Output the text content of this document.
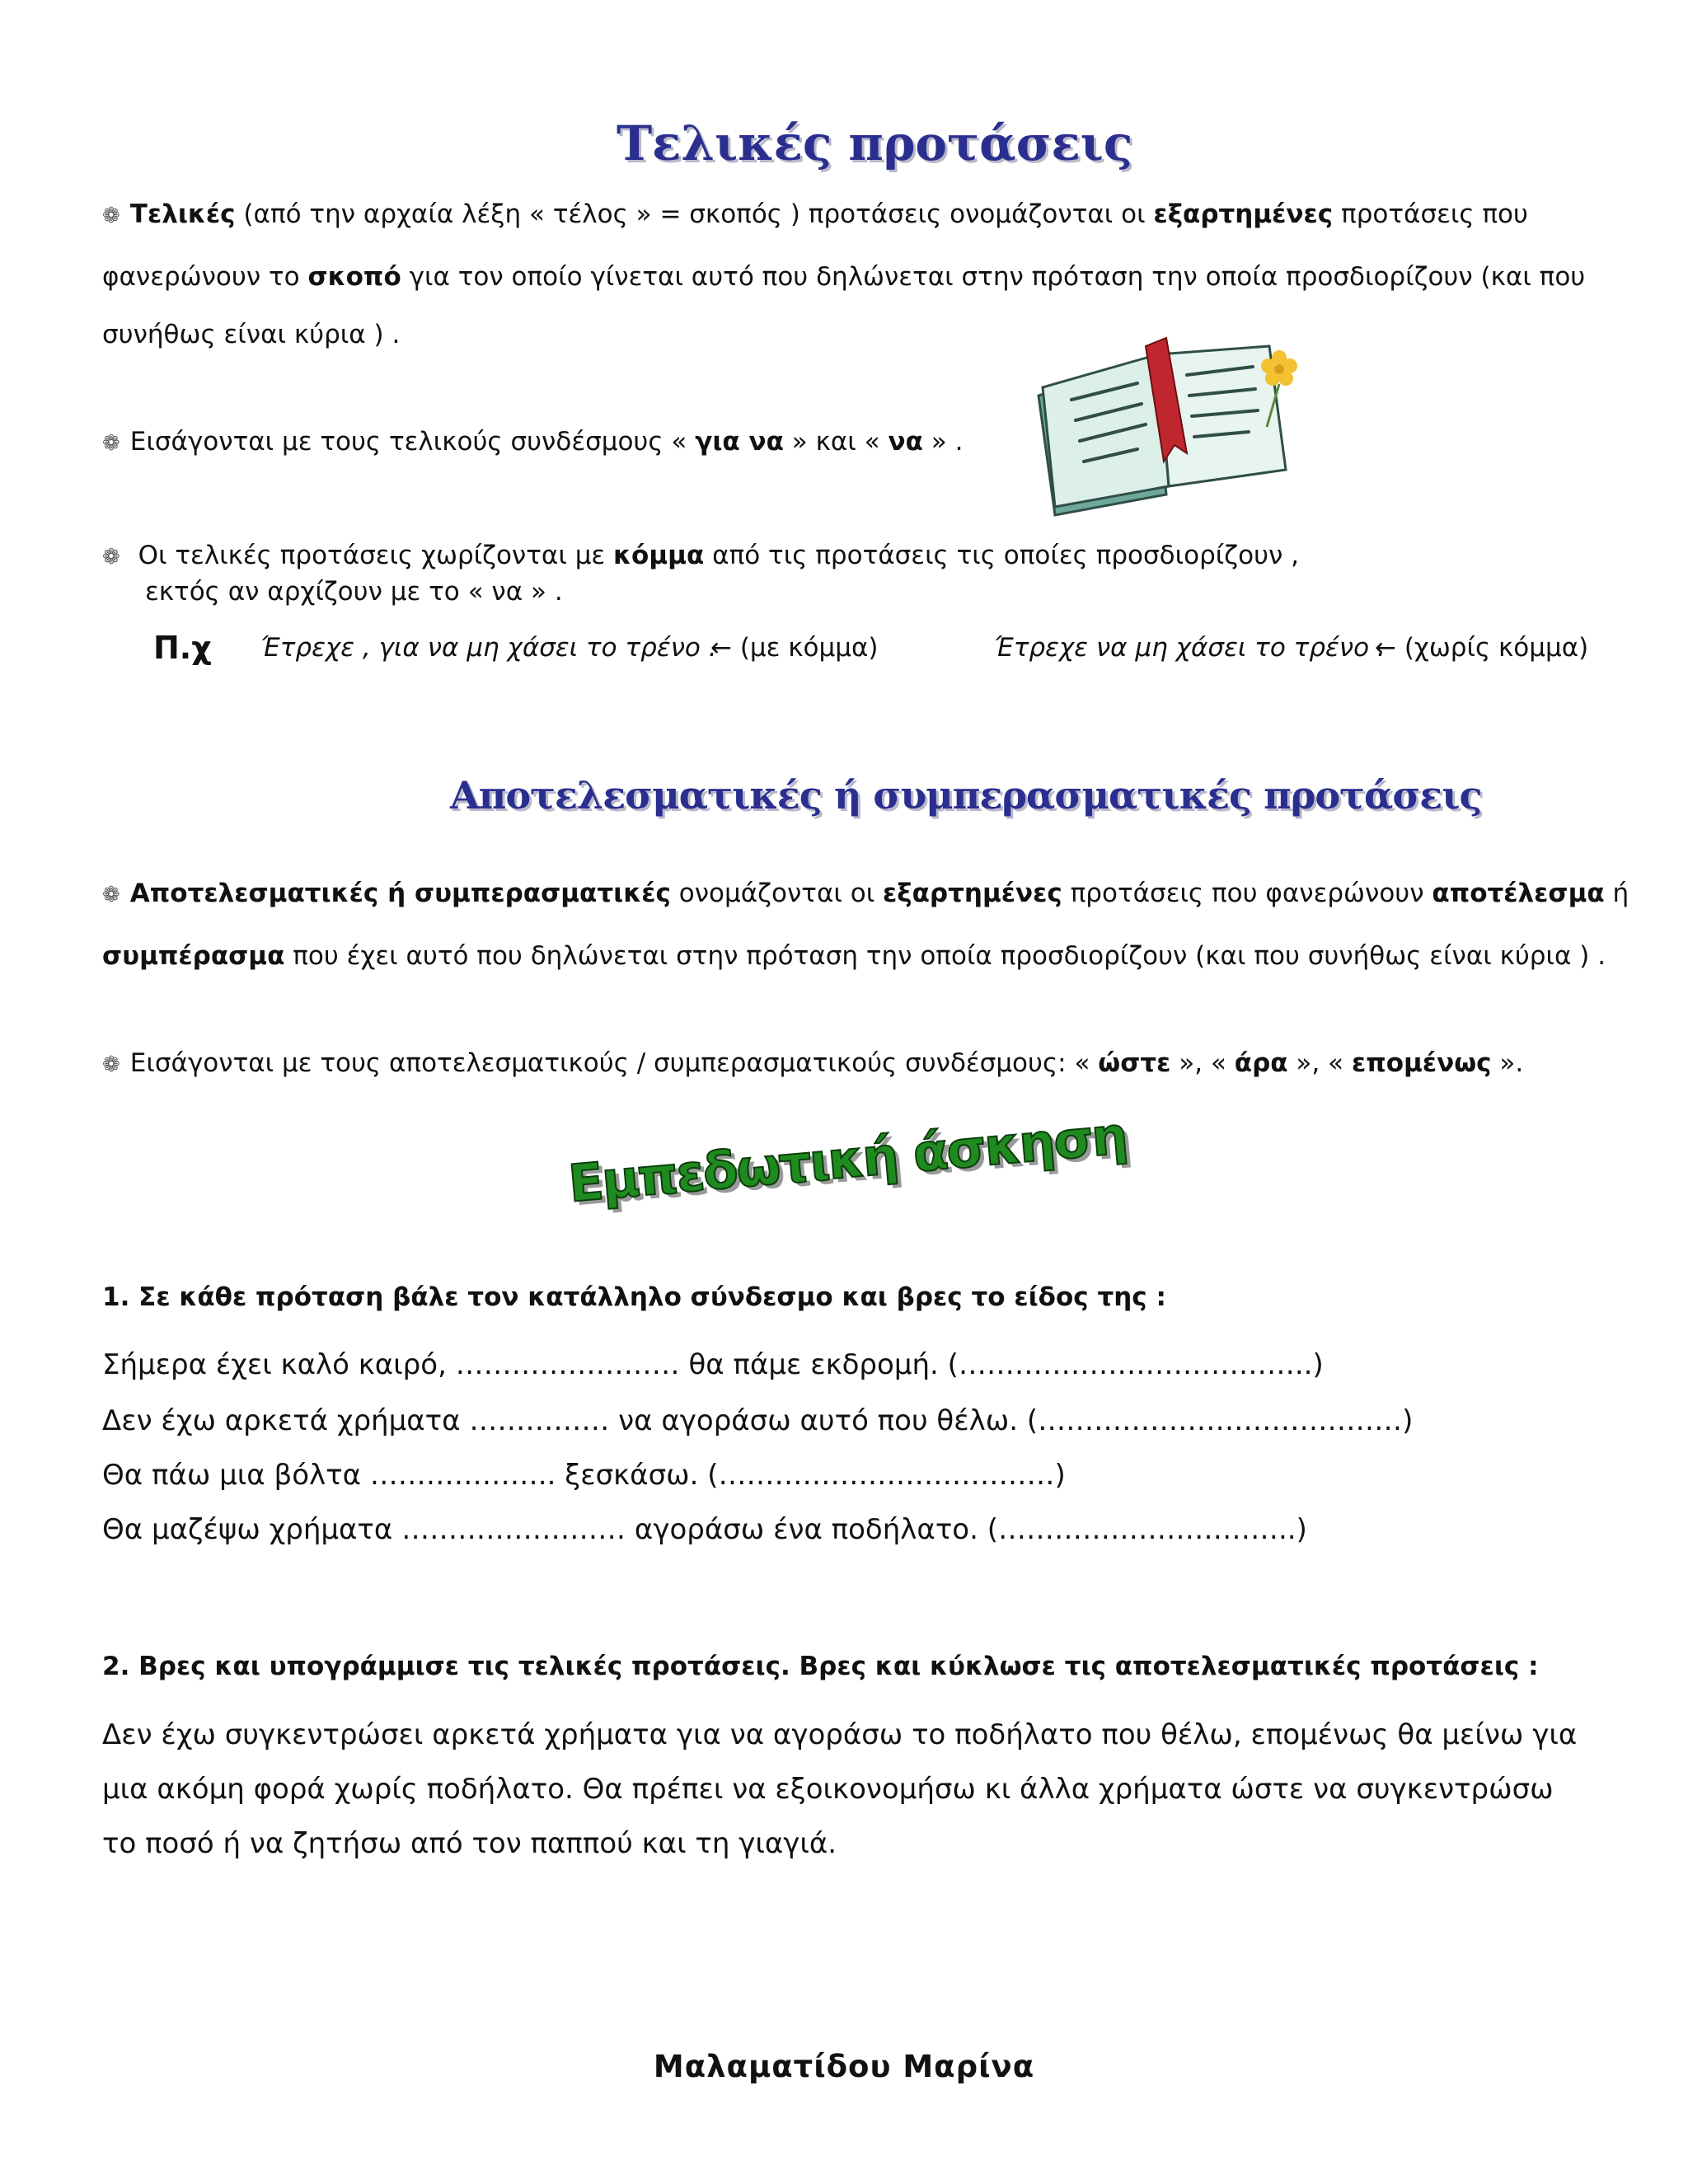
Τελικές προτάσεις
❁ Τελικές (από την αρχαία λέξη « τέλος » = σκοπός ) προτάσεις ονομάζονται οι εξαρτημένες προτάσεις που
φανερώνουν το σκοπό για τον οποίο γίνεται αυτό που δηλώνεται στην πρόταση την οποία προσδιορίζουν (και που
συνήθως είναι κύρια ) .
❁ Εισάγονται με τους τελικούς συνδέσμους « για να » και « να » .
❁ Οι τελικές προτάσεις χωρίζονται με κόμμα από τις προτάσεις τις οποίες προσδιορίζουν ,
εκτός αν αρχίζουν με το « να » .
Π.χ Έτρεχε , για να μη χάσει το τρένο .
← (με κόμμα)	Έτρεχε να μη χάσει το τρένο .
← (χωρίς κόμμα)
Αποτελεσματικές ή συμπερασματικές προτάσεις
❁ Αποτελεσματικές ή συμπερασματικές ονομάζονται οι εξαρτημένες προτάσεις που φανερώνουν αποτέλεσμα ή
συμπέρασμα που έχει αυτό που δηλώνεται στην πρόταση την οποία προσδιορίζουν (και που συνήθως είναι κύρια ) .
❁ Εισάγονται με τους αποτελεσματικούς / συμπερασματικούς συνδέσμους: « ώστε », « άρα », « επομένως ».
Εμπεδωτική άσκηση
1. Σε κάθε πρόταση βάλε τον κατάλληλο σύνδεσμο και βρες το είδος της :
Σήμερα έχει καλό καιρό, …………………… θα πάμε εκδρομή. (………………………………..)
Δεν έχω αρκετά χρήματα …………… να αγοράσω αυτό που θέλω. (…………………………………)
Θα πάω μια βόλτα ……………….. ξεσκάσω. (………………………………)
Θα μαζέψω χρήματα …………………… αγοράσω ένα ποδήλατο. (…………………………..)
2. Βρες και υπογράμμισε τις τελικές προτάσεις. Βρες και κύκλωσε τις αποτελεσματικές προτάσεις :
Δεν έχω συγκεντρώσει αρκετά χρήματα για να αγοράσω το ποδήλατο που θέλω, επομένως θα μείνω για μια ακόμη φορά χωρίς ποδήλατο. Θα πρέπει να εξοικονομήσω κι άλλα χρήματα ώστε να συγκεντρώσω το ποσό ή να ζητήσω από τον παππού και τη γιαγιά.
Μαλαματίδου Μαρίνα
